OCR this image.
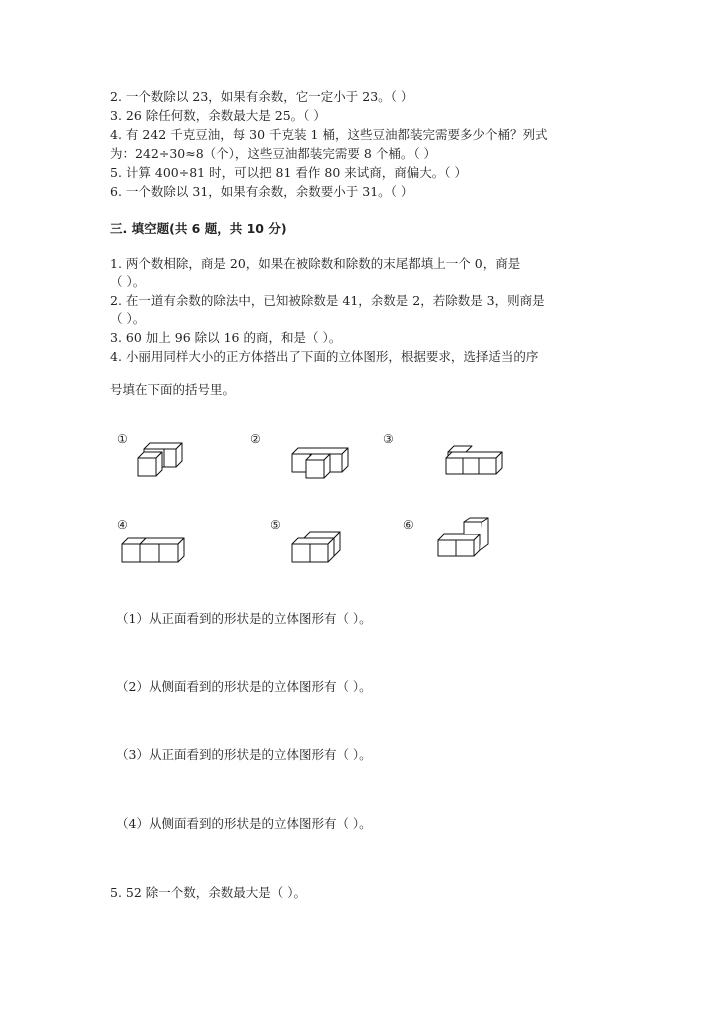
2. 一个数除以 23，如果有余数，它一定小于 23。（ ）
3. 26 除任何数，余数最大是 25。（ ）
4. 有 242 千克豆油，每 30 千克装 1 桶，这些豆油都装完需要多少个桶？列式
为：242÷30≈8（个），这些豆油都装完需要 8 个桶。（ ）
5. 计算 400÷81 时，可以把 81 看作 80 来试商，商偏大。（ ）
6. 一个数除以 31，如果有余数，余数要小于 31。（ ）
三. 填空题(共 6 题，共 10 分)
1. 两个数相除，商是 20，如果在被除数和除数的末尾都填上一个 0，商是
（ ）。
2. 在一道有余数的除法中，已知被除数是 41，余数是 2，若除数是 3，则商是
（ ）。
3. 60 加上 96 除以 16 的商，和是（ ）。
4. 小丽用同样大小的正方体搭出了下面的立体图形，根据要求，选择适当的序
号填在下面的括号里。
①	②	③
④	⑤	⑥
（1）从正面看到的形状是的立体图形有（ ）。
（2）从侧面看到的形状是的立体图形有（ ）。
（3）从正面看到的形状是的立体图形有（ ）。
（4）从侧面看到的形状是的立体图形有（ ）。
5. 52 除一个数，余数最大是（ ）。
